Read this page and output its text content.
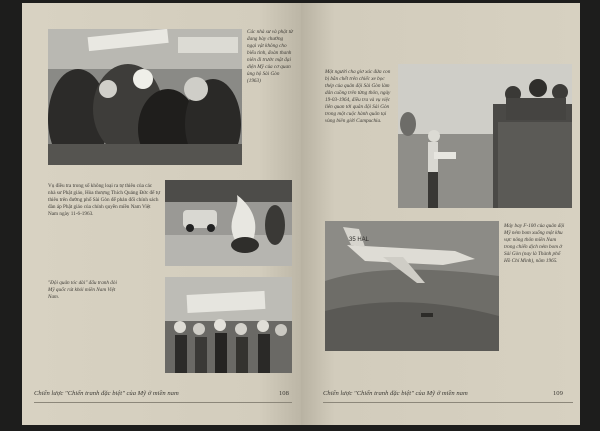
Các nhà sư và phật tử đang bày chướng ngại vật không cho biểu tình, đoàn thanh niên đi trước mặt đại diện Mỹ của cơ quan ủng hộ Sài Gòn (1963)
Vụ điều tra trong số không loại ra tự thiêu của các nhà sư Phật giáo, Hòa thượng Thích Quảng Đức để tự thiêu trên đường phố Sài Gòn để phản đối chính sách đàn áp Phật giáo của chính quyền miền Nam Việt Nam ngày 11-6-1963.
"Đội quân tóc dài" đấu tranh đòi Mỹ quốc rút khỏi miền Nam Việt Nam.
Chiến lược "Chiến tranh đặc biệt" của Mỹ ở miền nam	108
Một người cha giơ xác đứa con bị bắn chết trên chiếc xe bọc thép của quân đội Sài Gòn làm dân cuồng trên từng thôn, ngày 19-03-1964, điều tra và vụ việc liên quan tới quân đội Sài Gòn trong một cuộc hành quân tại vùng biên giới Campuchia.
35 HAL
Máy bay F-100 của quân đội Mỹ ném bom xuống một khu vực nông thôn miền Nam trong chiến dịch ném bom ở Sài Gòn (nay là Thành phố Hồ Chí Minh), năm 1965.
Chiến lược "Chiến tranh đặc biệt" của Mỹ ở miền nam	109
